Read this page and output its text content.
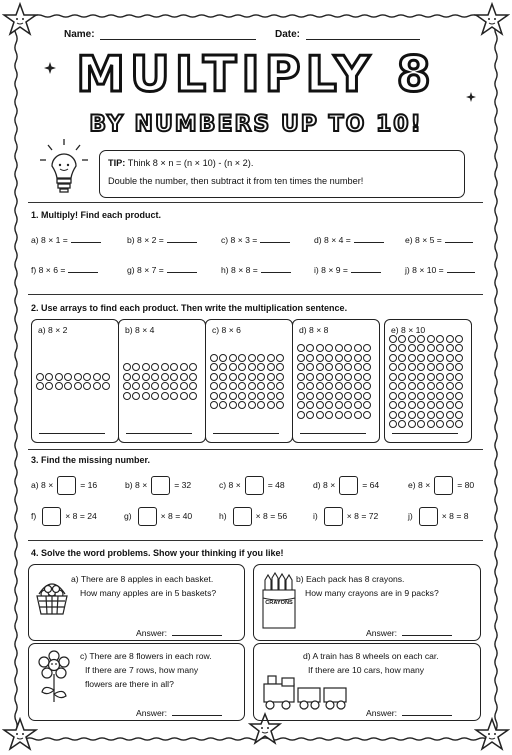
Name:	Date:
MULTIPLY 8
BY NUMBERS UP TO 10!
TIP: Think 8 × n = (n × 10) - (n × 2).
Double the number, then subtract it from ten times the number!
1. Multiply! Find each product.
a) 8 × 1 =	b) 8 × 2 =	c) 8 × 3 =	d) 8 × 4 =	e) 8 × 5 =
f) 8 × 6 =	g) 8 × 7 =	h) 8 × 8 =	i) 8 × 9 =	j) 8 × 10 =
2. Use arrays to find each product. Then write the multiplication sentence.
a) 8 × 2	b) 8 × 4	c) 8 × 6	d) 8 × 8	e) 8 × 10
3. Find the missing number.
a) 8 ×	= 16	b) 8 ×	= 32	c) 8 ×	= 48	d) 8 ×	= 64	e) 8 ×	= 80
f)	× 8 = 24	g)	× 8 = 40	h)	× 8 = 56	i)	× 8 = 72	j)	× 8 = 8
4. Solve the word problems. Show your thinking if you like!
CRAYONS
a) There are 8 apples in each basket.
How many apples are in 5 baskets?
Answer:
b) Each pack has 8 crayons.
How many crayons are in 9 packs?
Answer:
c) There are 8 flowers in each row.
If there are 7 rows, how many
flowers are there in all?
Answer:
d) A train has 8 wheels on each car.
If there are 10 cars, how many
Answer:
